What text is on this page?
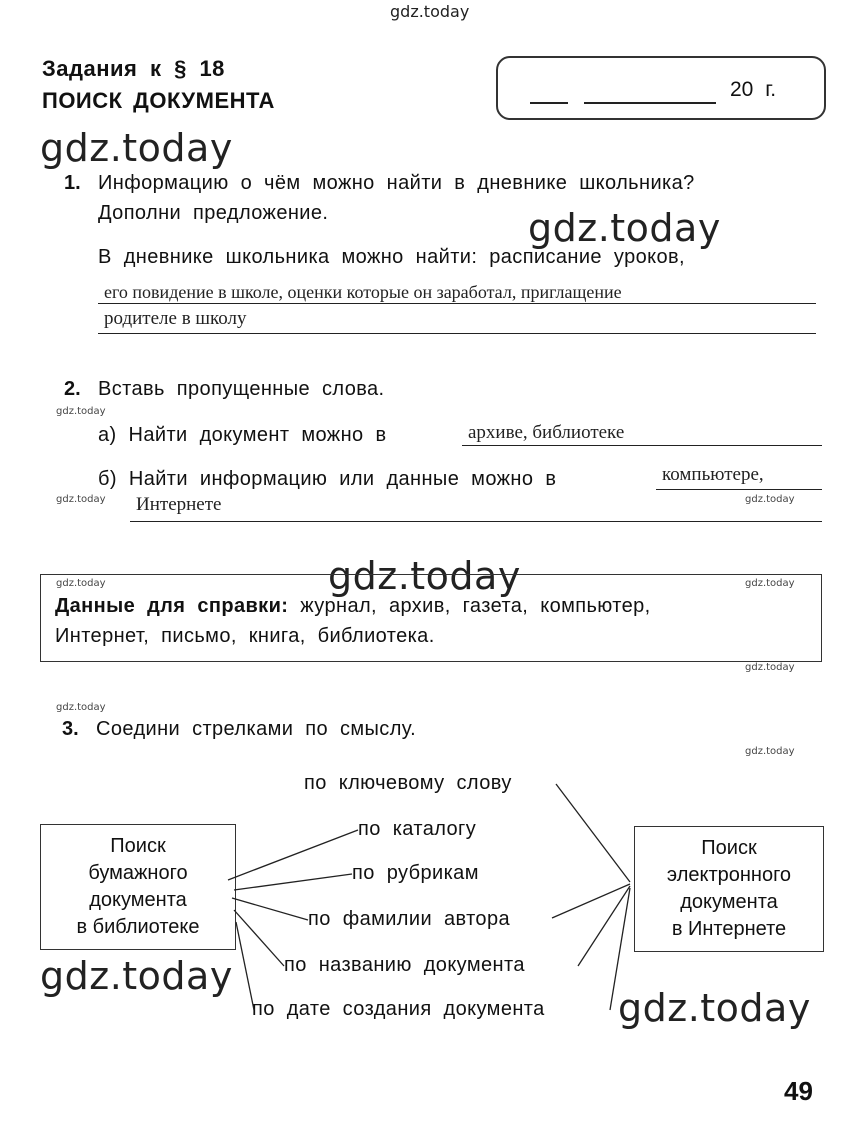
gdz.today
gdz.today
gdz.today
gdz.today
gdz.today	gdz.today
gdz.today
gdz.today	gdz.today
gdz.today
gdz.today
gdz.today
gdz.today
gdz.today
Задания к § 18
ПОИСК ДОКУМЕНТА	20 г.
1. Информацию о чём можно найти в дневнике школьника?
Дополни предложение.
В дневнике школьника можно найти: расписание уроков,
его повидение в школе, оценки которые он заработал, приглащение
родителе в школу
2. Вставь пропущенные слова.
а) Найти документ можно в	архиве, библиотеке
б) Найти информацию или данные можно в	компьютере,
Интернете
Данные для справки: журнал, архив, газета, компьютер,
Интернет, письмо, книга, библиотека.
3. Соедини стрелками по смыслу.
Поиск
бумажного
документа
в библиотеке
Поиск
электронного
документа
в Интернете
по ключевому слову
по каталогу
по рубрикам
по фамилии автора
по названию документа
по дате создания документа
49
